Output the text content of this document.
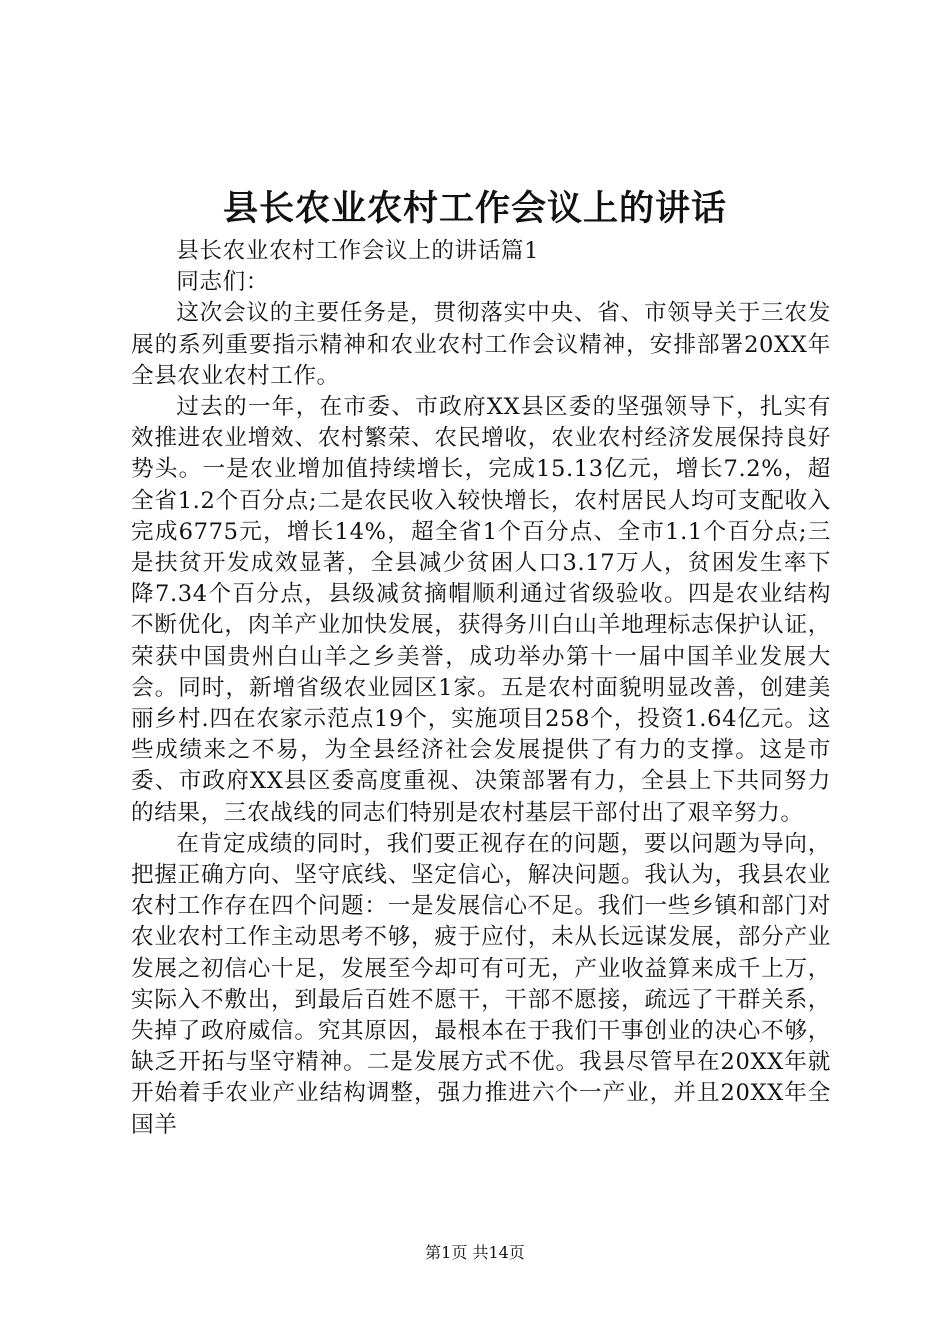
县长农业农村工作会议上的讲话

县长农业农村工作会议上的讲话篇1

同志们：

这次会议的主要任务是，贯彻落实中央、省、市领导关于三农发展的系列重要指示精神和农业农村工作会议精神，安排部署20XX年全县农业农村工作。

过去的一年，在市委、市政府XX县区委的坚强领导下，扎实有效推进农业增效、农村繁荣、农民增收，农业农村经济发展保持良好势头。一是农业增加值持续增长，完成15.13亿元，增长7.2%，超全省1.2个百分点;二是农民收入较快增长，农村居民人均可支配收入完成6775元，增长14%，超全省1个百分点、全市1.1个百分点;三是扶贫开发成效显著，全县减少贫困人口3.17万人，贫困发生率下降7.34个百分点，县级减贫摘帽顺利通过省级验收。四是农业结构不断优化，肉羊产业加快发展，获得务川白山羊地理标志保护认证，荣获中国贵州白山羊之乡美誉，成功举办第十一届中国羊业发展大会。同时，新增省级农业园区1家。五是农村面貌明显改善，创建美丽乡村.四在农家示范点19个，实施项目258个，投资1.64亿元。这些成绩来之不易，为全县经济社会发展提供了有力的支撑。这是市委、市政府XX县区委高度重视、决策部署有力，全县上下共同努力的结果，三农战线的同志们特别是农村基层干部付出了艰辛努力。

在肯定成绩的同时，我们要正视存在的问题，要以问题为导向，把握正确方向、坚守底线、坚定信心，解决问题。我认为，我县农业农村工作存在四个问题：一是发展信心不足。我们一些乡镇和部门对农业农村工作主动思考不够，疲于应付，未从长远谋发展，部分产业发展之初信心十足，发展至今却可有可无，产业收益算来成千上万，实际入不敷出，到最后百姓不愿干，干部不愿接，疏远了干群关系，失掉了政府威信。究其原因，最根本在于我们干事创业的决心不够，缺乏开拓与坚守精神。二是发展方式不优。我县尽管早在20XX年就开始着手农业产业结构调整，强力推进六个一产业，并且20XX年全国羊

第1页 共14页
